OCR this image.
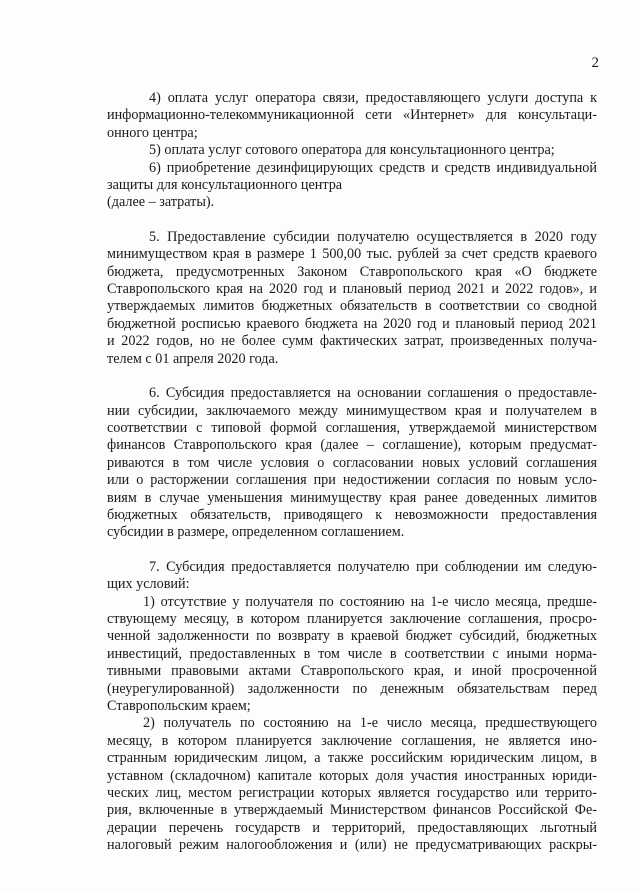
2
4) оплата услуг оператора связи, предоставляющего услуги доступа к
информационно-телекоммуникационной сети «Интернет» для консультаци-
онного центра;
5) оплата услуг сотового оператора для консультационного центра;
6) приобретение дезинфицирующих средств и средств индивидуальной
защиты для консультационного центра
(далее – затраты).
5. Предоставление субсидии получателю осуществляется в 2020 году
минимуществом края в размере 1 500,00 тыс. рублей за счет средств краевого
бюджета, предусмотренных Законом Ставропольского края «О бюджете
Ставропольского края на 2020 год и плановый период 2021 и 2022 годов», и
утверждаемых лимитов бюджетных обязательств в соответствии со сводной
бюджетной росписью краевого бюджета на 2020 год и плановый период 2021
и 2022 годов, но не более сумм фактических затрат, произведенных получа-
телем с 01 апреля 2020 года.
6. Субсидия предоставляется на основании соглашения о предоставле-
нии субсидии, заключаемого между минимуществом края и получателем в
соответствии с типовой формой соглашения, утверждаемой министерством
финансов Ставропольского края (далее – соглашение), которым предусмат-
риваются в том числе условия о согласовании новых условий соглашения
или о расторжении соглашения при недостижении согласия по новым усло-
виям в случае уменьшения минимуществу края ранее доведенных лимитов
бюджетных обязательств, приводящего к невозможности предоставления
субсидии в размере, определенном соглашением.
7. Субсидия предоставляется получателю при соблюдении им следую-
щих условий:
1) отсутствие у получателя по состоянию на 1-е число месяца, предше-
ствующему месяцу, в котором планируется заключение соглашения, просро-
ченной задолженности по возврату в краевой бюджет субсидий, бюджетных
инвестиций, предоставленных в том числе в соответствии с иными норма-
тивными правовыми актами Ставропольского края, и иной просроченной
(неурегулированной) задолженности по денежным обязательствам перед
Ставропольским краем;
2) получатель по состоянию на 1-е число месяца, предшествующего
месяцу, в котором планируется заключение соглашения, не является ино-
странным юридическим лицом, а также российским юридическим лицом, в
уставном (складочном) капитале которых доля участия иностранных юриди-
ческих лиц, местом регистрации которых является государство или террито-
рия, включенные в утверждаемый Министерством финансов Российской Фе-
дерации перечень государств и территорий, предоставляющих льготный
налоговый режим налогообложения и (или) не предусматривающих раскры-
